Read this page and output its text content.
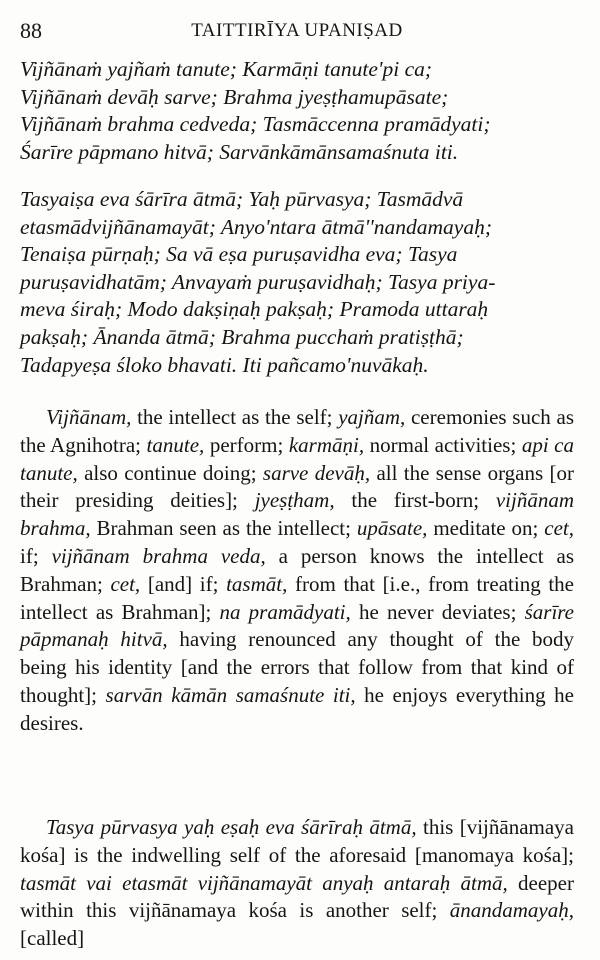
88	TAITTIRĪYA UPANIṢAD
Vijñānaṁ yajñaṁ tanute; Karmāṇi tanute'pi ca;
Vijñānaṁ devāḥ sarve; Brahma jyeṣṭhamupāsate;
Vijñānaṁ brahma cedveda; Tasmāccenna pramādyati;
Śarīre pāpmano hitvā; Sarvānkāmānsamaśnuta iti.
Tasyaiṣa eva śārīra ātmā; Yaḥ pūrvasya; Tasmādvā
etasmādvijñānamayāt; Anyo'ntara ātmā''nandamayaḥ;
Tenaiṣa pūrṇaḥ; Sa vā eṣa puruṣavidha eva; Tasya
puruṣavidhatām; Anvayaṁ puruṣavidhaḥ; Tasya priya-
meva śiraḥ; Modo dakṣiṇaḥ pakṣaḥ; Pramoda uttaraḥ
pakṣaḥ; Ānanda ātmā; Brahma pucchaṁ pratiṣṭhā;
Tadapyeṣa śloko bhavati. Iti pañcamo'nuvākaḥ.

Vijñānam, the intellect as the self; yajñam, ceremonies such as the Agnihotra; tanute, perform; karmāṇi, normal activities; api ca tanute, also continue doing; sarve devāḥ, all the sense organs [or their presiding deities]; jyeṣṭham, the first-born; vijñānam brahma, Brahman seen as the intellect; upāsate, meditate on; cet, if; vijñānam brahma veda, a person knows the intellect as Brahman; cet, [and] if; tasmāt, from that [i.e., from treating the intellect as Brahman]; na pramādyati, he never deviates; śarīre pāpmanaḥ hitvā, having renounced any thought of the body being his identity [and the errors that follow from that kind of thought]; sarvān kāmān samaśnute iti, he enjoys everything he desires.

Tasya pūrvasya yaḥ eṣaḥ eva śārīraḥ ātmā, this [vijñānamaya kośa] is the indwelling self of the aforesaid [manomaya kośa]; tasmāt vai etasmāt vijñānamayāt anyaḥ antaraḥ ātmā, deeper within this vijñānamaya kośa is another self; ānandamayaḥ, [called]
